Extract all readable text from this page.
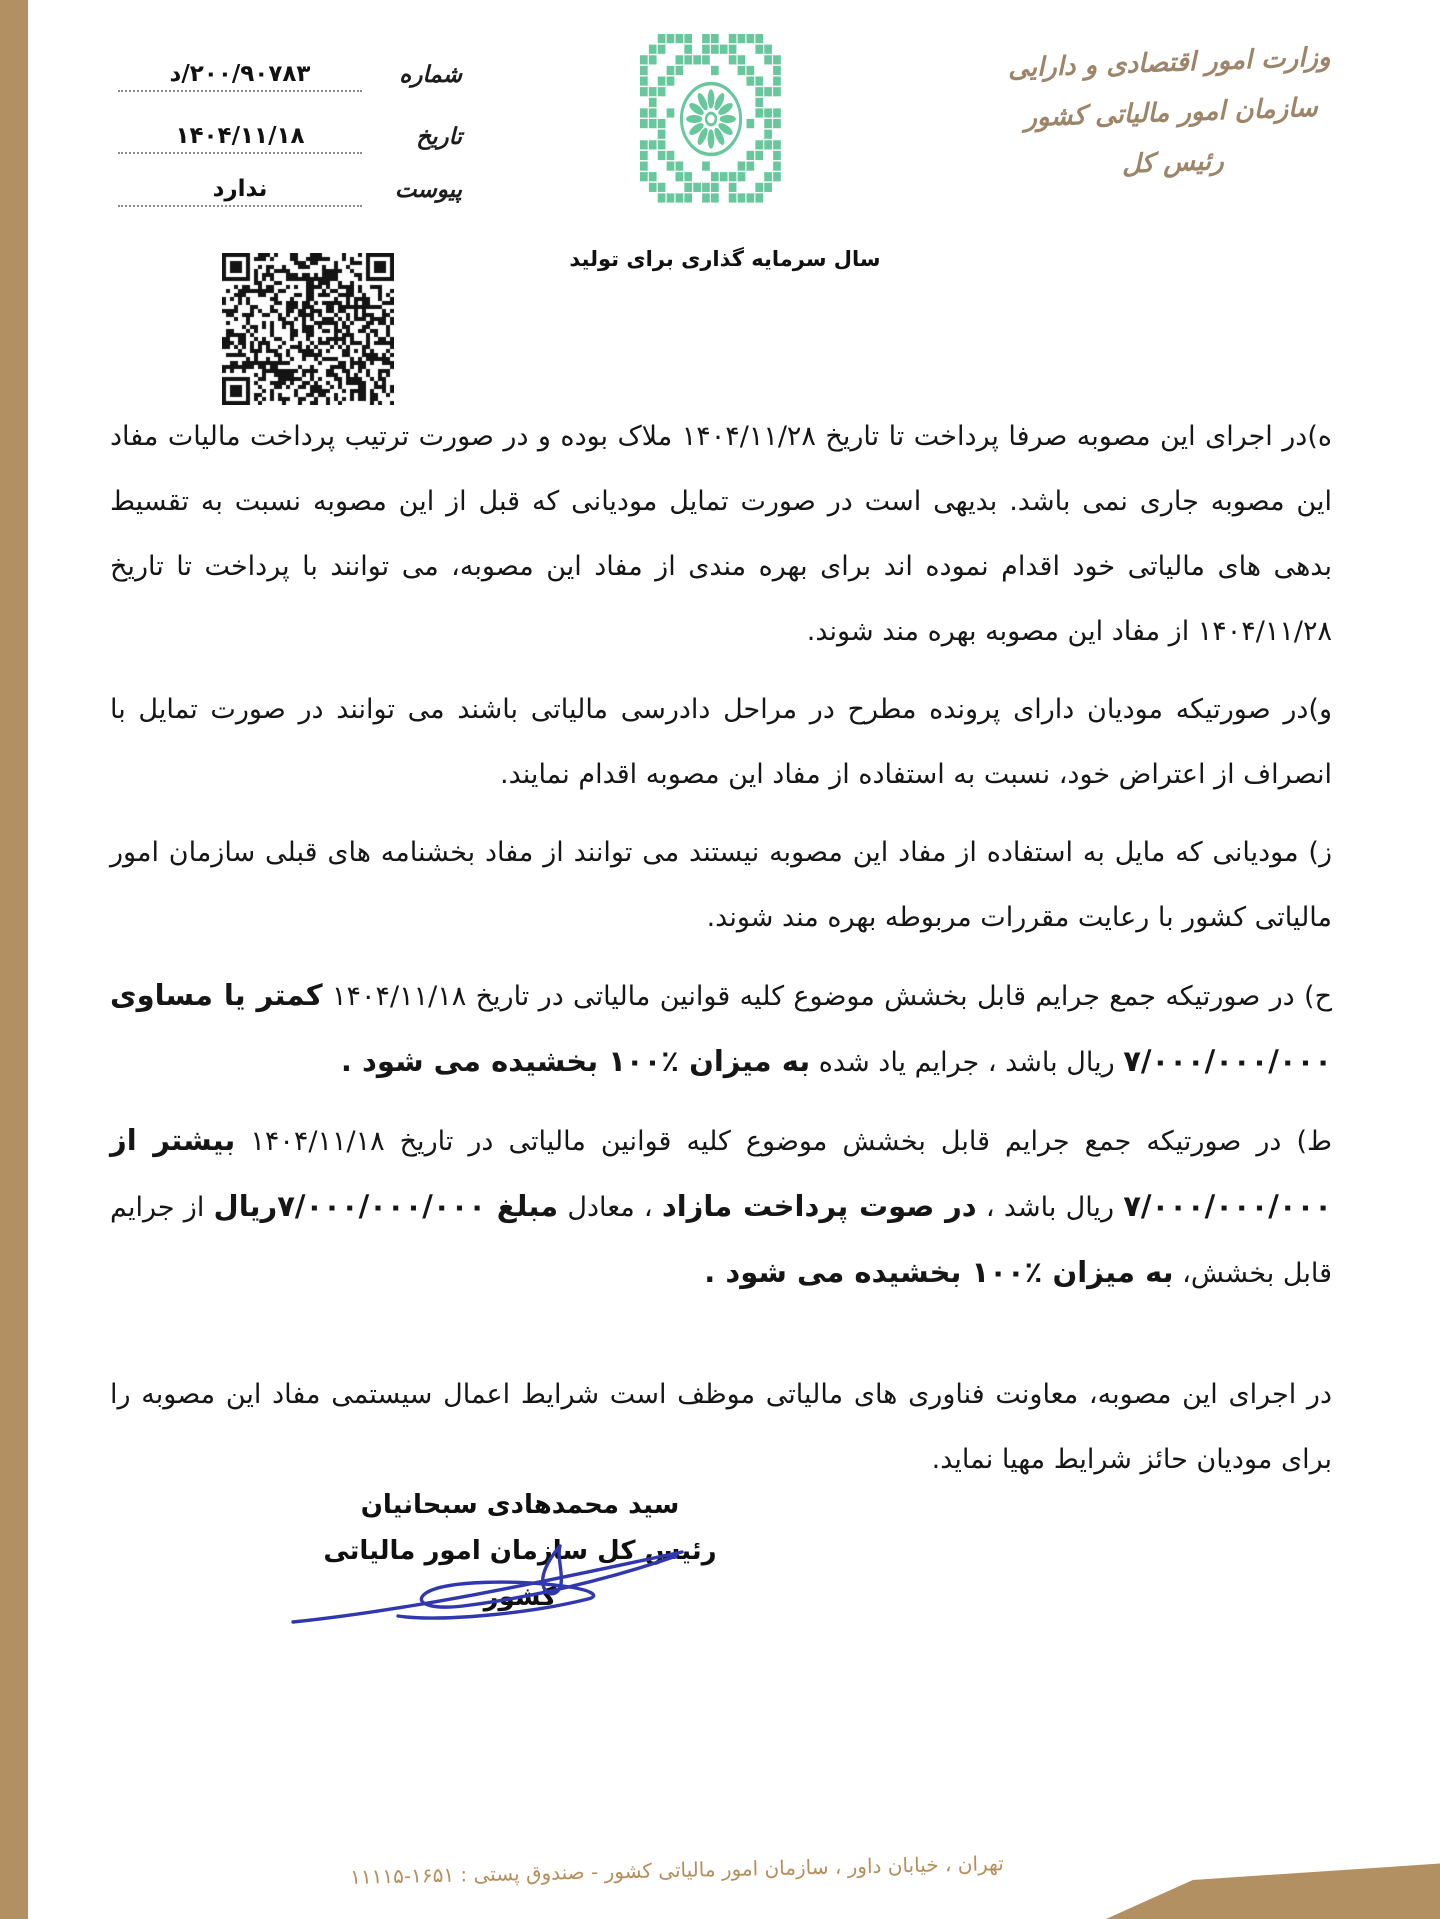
شماره
۲۰۰/۹۰۷۸۳/د
تاریخ
۱۴۰۴/۱۱/۱۸
پیوست
ندارد
سال سرمایه گذاری برای تولید
وزارت امور اقتصادی و دارایی
سازمان امور مالیاتی کشور
رئیس کل

ه)در اجرای این مصوبه صرفا پرداخت تا تاریخ ۱۴۰۴/۱۱/۲۸ ملاک بوده و در صورت ترتیب پرداخت مالیات مفاد این مصوبه جاری نمی باشد. بدیهی است در صورت تمایل مودیانی که قبل از این مصوبه نسبت به تقسیط بدهی های مالیاتی خود اقدام نموده اند برای بهره مندی از مفاد این مصوبه، می توانند با پرداخت تا تاریخ ۱۴۰۴/۱۱/۲۸ از مفاد این مصوبه بهره مند شوند.

و)در صورتیکه مودیان دارای پرونده مطرح در مراحل دادرسی مالیاتی باشند می توانند در صورت تمایل با انصراف از اعتراض خود، نسبت به استفاده از مفاد این مصوبه اقدام نمایند.

ز) مودیانی که مایل به استفاده از مفاد این مصوبه نیستند می توانند از مفاد بخشنامه های قبلی سازمان امور مالیاتی کشور با رعایت مقررات مربوطه بهره مند شوند.

ح) در صورتیکه جمع جرایم قابل بخشش موضوع کلیه قوانین مالیاتی در تاریخ ۱۴۰۴/۱۱/۱۸ کمتر یا مساوی ۷/۰۰۰/۰۰۰/۰۰۰ ریال باشد ، جرایم یاد شده به میزان ٪۱۰۰ بخشیده می شود .

ط) در صورتیکه جمع جرایم قابل بخشش موضوع کلیه قوانین مالیاتی در تاریخ ۱۴۰۴/۱۱/۱۸ بیشتر از ۷/۰۰۰/۰۰۰/۰۰۰ ریال باشد ، در صوت پرداخت مازاد ، معادل مبلغ ۷/۰۰۰/۰۰۰/۰۰۰ریال از جرایم قابل بخشش، به میزان ٪۱۰۰ بخشیده می شود .

در اجرای این مصوبه، معاونت فناوری های مالیاتی موظف است شرایط اعمال سیستمی مفاد این مصوبه را برای مودیان حائز شرایط مهیا نماید.

سید محمدهادی سبحانیان
رئیس کل سازمان امور مالیاتی کشور
تهران ، خیابان داور ، سازمان امور مالیاتی کشور - صندوق پستی : ۱۶۵۱-۱۱۱۱۵
